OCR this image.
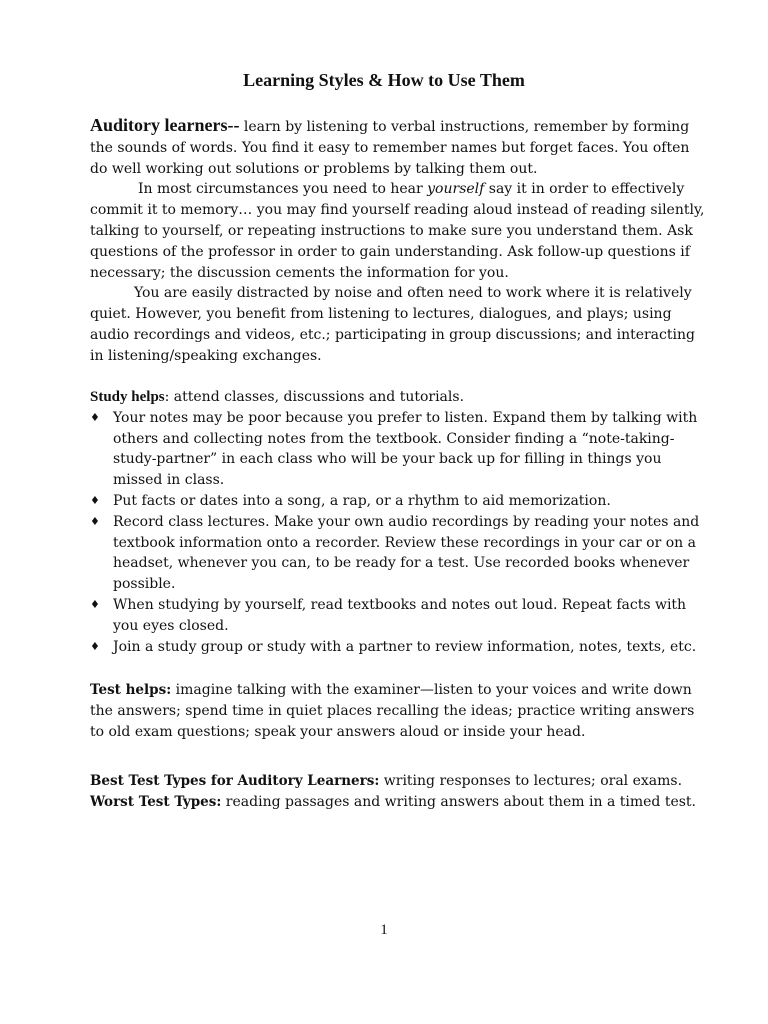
Learning Styles & How to Use Them

Auditory learners-- learn by listening to verbal instructions, remember by forming the sounds of words. You find it easy to remember names but forget faces. You often do well working out solutions or problems by talking them out.

In most circumstances you need to hear yourself say it in order to effectively commit it to memory… you may find yourself reading aloud instead of reading silently, talking to yourself, or repeating instructions to make sure you understand them. Ask questions of the professor in order to gain understanding. Ask follow-up questions if necessary; the discussion cements the information for you.

You are easily distracted by noise and often need to work where it is relatively quiet. However, you benefit from listening to lectures, dialogues, and plays; using audio recordings and videos, etc.; participating in group discussions; and interacting in listening/speaking exchanges.

Study helps: attend classes, discussions and tutorials.

♦ Your notes may be poor because you prefer to listen. Expand them by talking with others and collecting notes from the textbook. Consider finding a “note-taking-study-partner” in each class who will be your back up for filling in things you missed in class.
♦ Put facts or dates into a song, a rap, or a rhythm to aid memorization.
♦ Record class lectures. Make your own audio recordings by reading your notes and textbook information onto a recorder. Review these recordings in your car or on a headset, whenever you can, to be ready for a test. Use recorded books whenever possible.
♦ When studying by yourself, read textbooks and notes out loud. Repeat facts with you eyes closed.
♦ Join a study group or study with a partner to review information, notes, texts, etc.

Test helps: imagine talking with the examiner—listen to your voices and write down the answers; spend time in quiet places recalling the ideas; practice writing answers to old exam questions; speak your answers aloud or inside your head.

Best Test Types for Auditory Learners: writing responses to lectures; oral exams.

Worst Test Types: reading passages and writing answers about them in a timed test.

1
